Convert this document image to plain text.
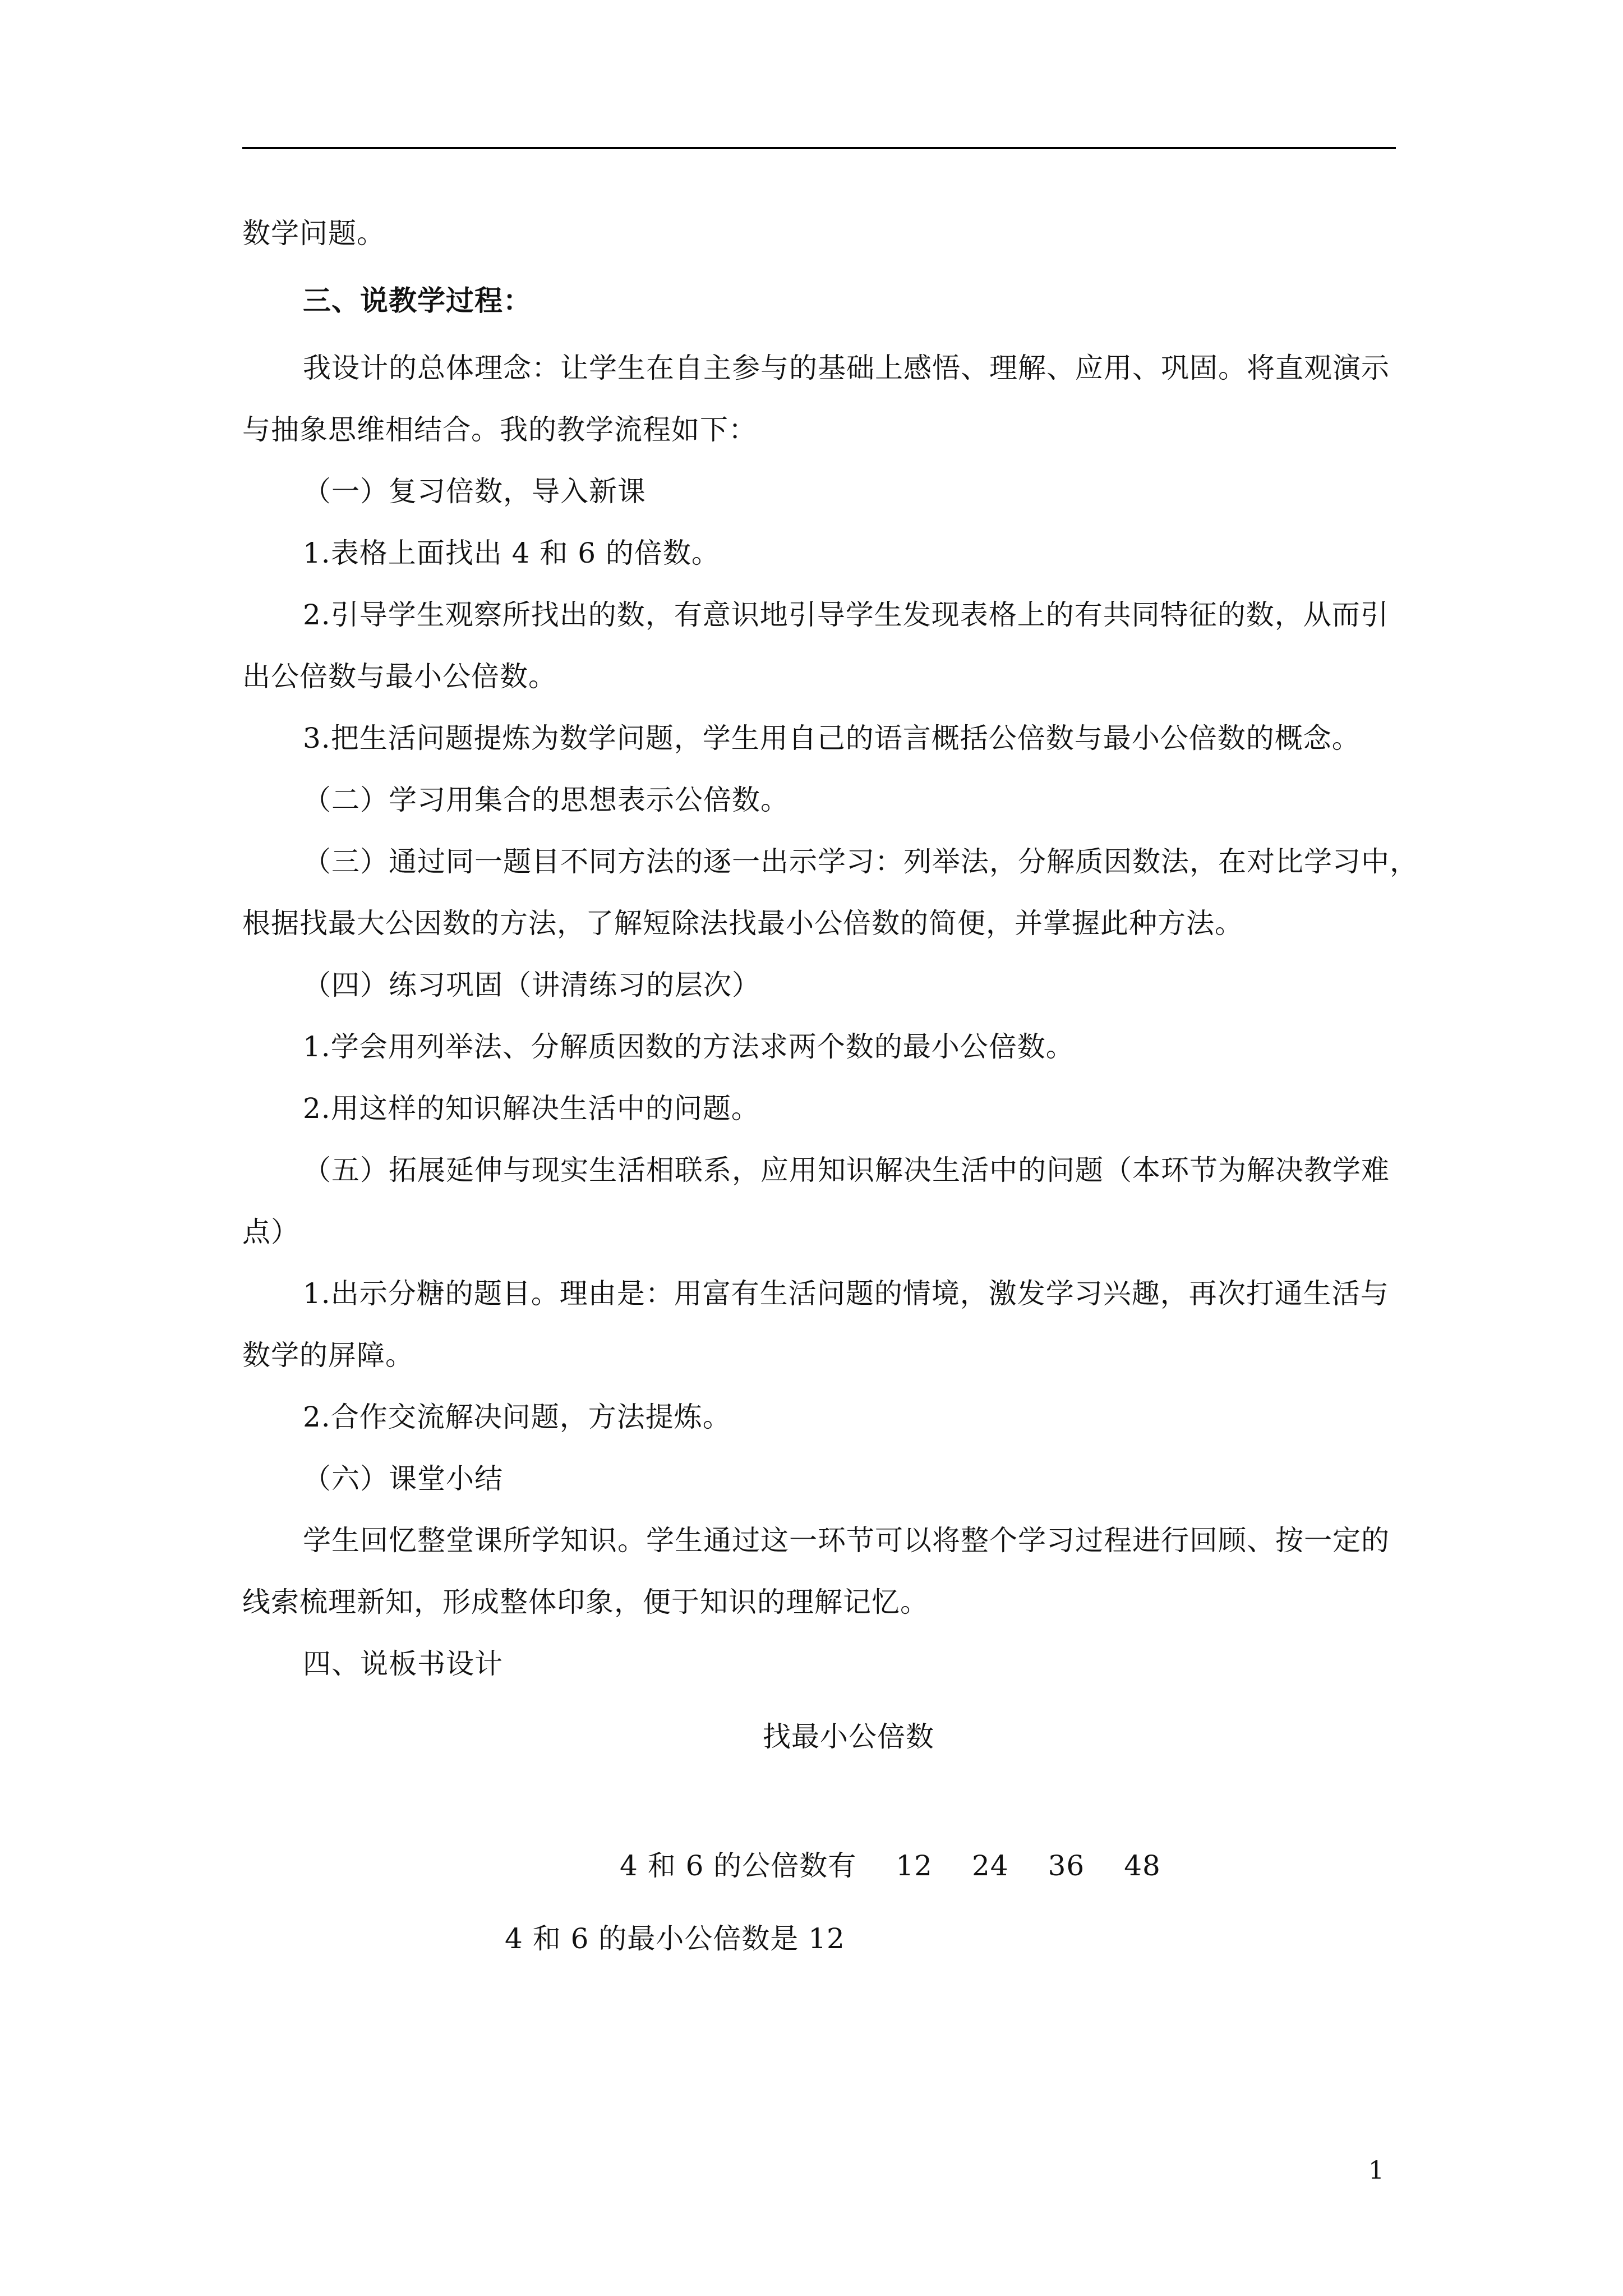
数学问题。
三、说教学过程：
我设计的总体理念：让学生在自主参与的基础上感悟、理解、应用、巩固。将直观演示
与抽象思维相结合。我的教学流程如下：
（一）复习倍数，导入新课
1.表格上面找出 4 和 6 的倍数。
2.引导学生观察所找出的数，有意识地引导学生发现表格上的有共同特征的数，从而引
出公倍数与最小公倍数。
3.把生活问题提炼为数学问题，学生用自己的语言概括公倍数与最小公倍数的概念。
（二）学习用集合的思想表示公倍数。
（三）通过同一题目不同方法的逐一出示学习：列举法，分解质因数法，在对比学习中，
根据找最大公因数的方法，了解短除法找最小公倍数的简便，并掌握此种方法。
（四）练习巩固（讲清练习的层次）
1.学会用列举法、分解质因数的方法求两个数的最小公倍数。
2.用这样的知识解决生活中的问题。
（五）拓展延伸与现实生活相联系，应用知识解决生活中的问题（本环节为解决教学难
点）
1.出示分糖的题目。理由是：用富有生活问题的情境，激发学习兴趣，再次打通生活与
数学的屏障。
2.合作交流解决问题，方法提炼。
（六）课堂小结
学生回忆整堂课所学知识。学生通过这一环节可以将整个学习过程进行回顾、按一定的
线索梳理新知，形成整体印象，便于知识的理解记忆。
四、说板书设计
找最小公倍数
4 和 6 的公倍数有 12 24 36 48
4 和 6 的最小公倍数是 12
1
